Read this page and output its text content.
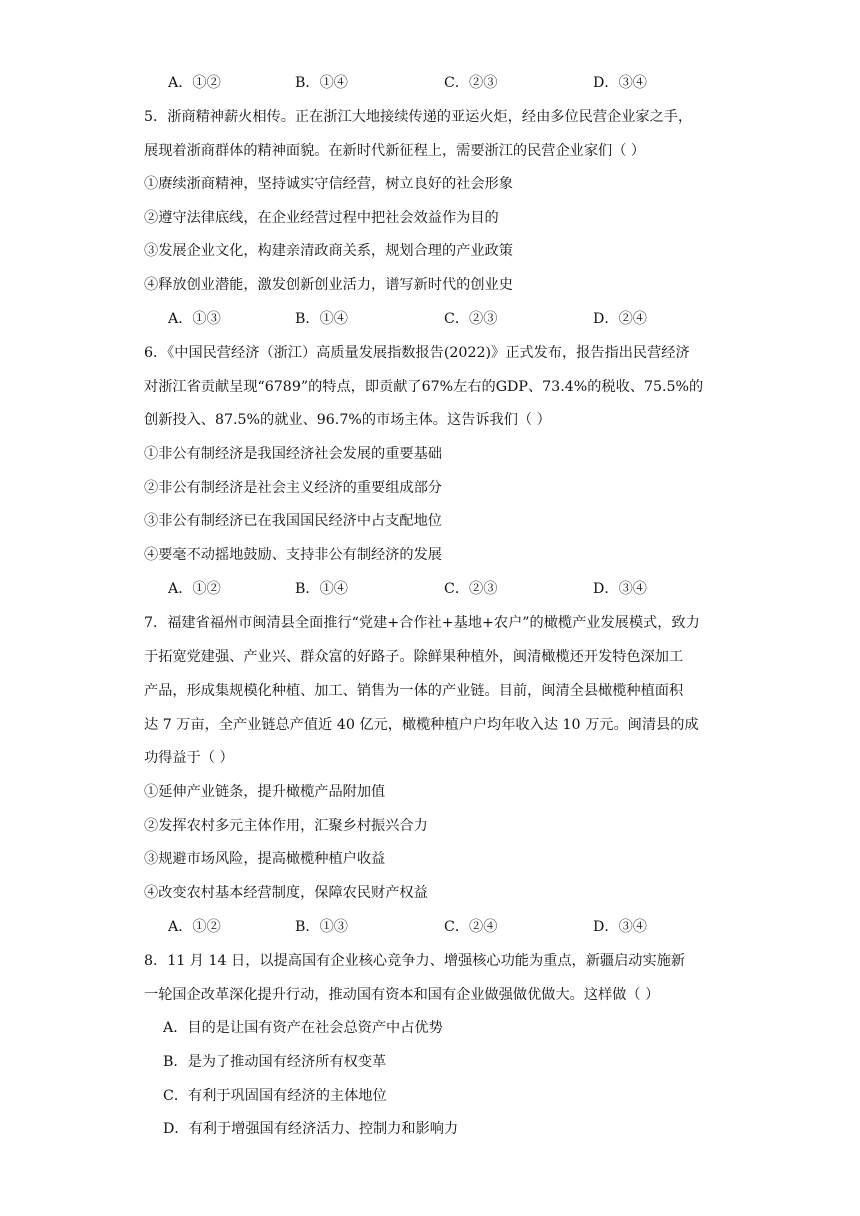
A．①②	B．①④	C．②③	D．③④
5．浙商精神薪火相传。正在浙江大地接续传递的亚运火炬，经由多位民营企业家之手，
展现着浙商群体的精神面貌。在新时代新征程上，需要浙江的民营企业家们（ ）
①赓续浙商精神，坚持诚实守信经营，树立良好的社会形象
②遵守法律底线，在企业经营过程中把社会效益作为目的
③发展企业文化，构建亲清政商关系，规划合理的产业政策
④释放创业潜能，激发创新创业活力，谱写新时代的创业史
A．①③	B．①④	C．②③	D．②④
6．《中国民营经济（浙江）高质量发展指数报告(2022)》正式发布，报告指出民营经济
对浙江省贡献呈现“6789”的特点，即贡献了67%左右的GDP、73.4%的税收、75.5%的
创新投入、87.5%的就业、96.7%的市场主体。这告诉我们（ ）
①非公有制经济是我国经济社会发展的重要基础
②非公有制经济是社会主义经济的重要组成部分
③非公有制经济已在我国国民经济中占支配地位
④要毫不动摇地鼓励、支持非公有制经济的发展
A．①②	B．①④	C．②③	D．③④
7．福建省福州市闽清县全面推行“党建+合作社+基地+农户”的橄榄产业发展模式，致力
于拓宽党建强、产业兴、群众富的好路子。除鲜果种植外，闽清橄榄还开发特色深加工
产品，形成集规模化种植、加工、销售为一体的产业链。目前，闽清全县橄榄种植面积
达 7 万亩，全产业链总产值近 40 亿元，橄榄种植户户均年收入达 10 万元。闽清县的成
功得益于（ ）
①延伸产业链条，提升橄榄产品附加值
②发挥农村多元主体作用，汇聚乡村振兴合力
③规避市场风险，提高橄榄种植户收益
④改变农村基本经营制度，保障农民财产权益
A．①②	B．①③	C．②④	D．③④
8．11 月 14 日，以提高国有企业核心竞争力、增强核心功能为重点，新疆启动实施新
一轮国企改革深化提升行动，推动国有资本和国有企业做强做优做大。这样做（ ）
A．目的是让国有资产在社会总资产中占优势
B．是为了推动国有经济所有权变革
C．有利于巩固国有经济的主体地位
D．有利于增强国有经济活力、控制力和影响力
